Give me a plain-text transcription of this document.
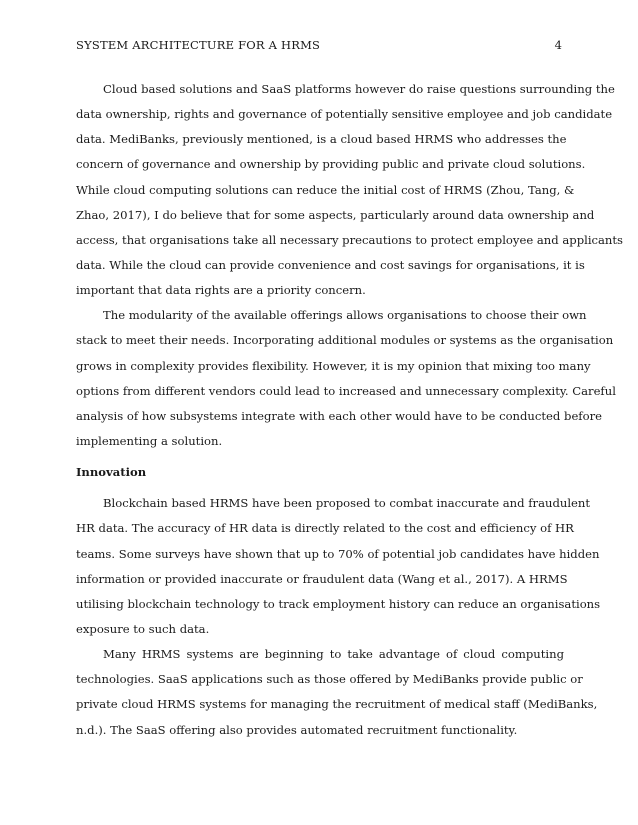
SYSTEM ARCHITECTURE FOR A HRMS	4
Cloud based solutions and SaaS platforms however do raise questions surrounding the
data ownership, rights and governance of potentially sensitive employee and job candidate
data. MediBanks, previously mentioned, is a cloud based HRMS who addresses the
concern of governance and ownership by providing public and private cloud solutions.
While cloud computing solutions can reduce the initial cost of HRMS (Zhou, Tang, &
Zhao, 2017), I do believe that for some aspects, particularly around data ownership and
access, that organisations take all necessary precautions to protect employee and applicants
data. While the cloud can provide convenience and cost savings for organisations, it is
important that data rights are a priority concern.
The modularity of the available offerings allows organisations to choose their own
stack to meet their needs. Incorporating additional modules or systems as the organisation
grows in complexity provides flexibility. However, it is my opinion that mixing too many
options from different vendors could lead to increased and unnecessary complexity. Careful
analysis of how subsystems integrate with each other would have to be conducted before
implementing a solution.
Innovation
Blockchain based HRMS have been proposed to combat inaccurate and fraudulent
HR data. The accuracy of HR data is directly related to the cost and efficiency of HR
teams. Some surveys have shown that up to 70% of potential job candidates have hidden
information or provided inaccurate or fraudulent data (Wang et al., 2017). A HRMS
utilising blockchain technology to track employment history can reduce an organisations
exposure to such data.
Many HRMS systems are beginning to take advantage of cloud computing
technologies. SaaS applications such as those offered by MediBanks provide public or
private cloud HRMS systems for managing the recruitment of medical staff (MediBanks,
n.d.). The SaaS offering also provides automated recruitment functionality.
